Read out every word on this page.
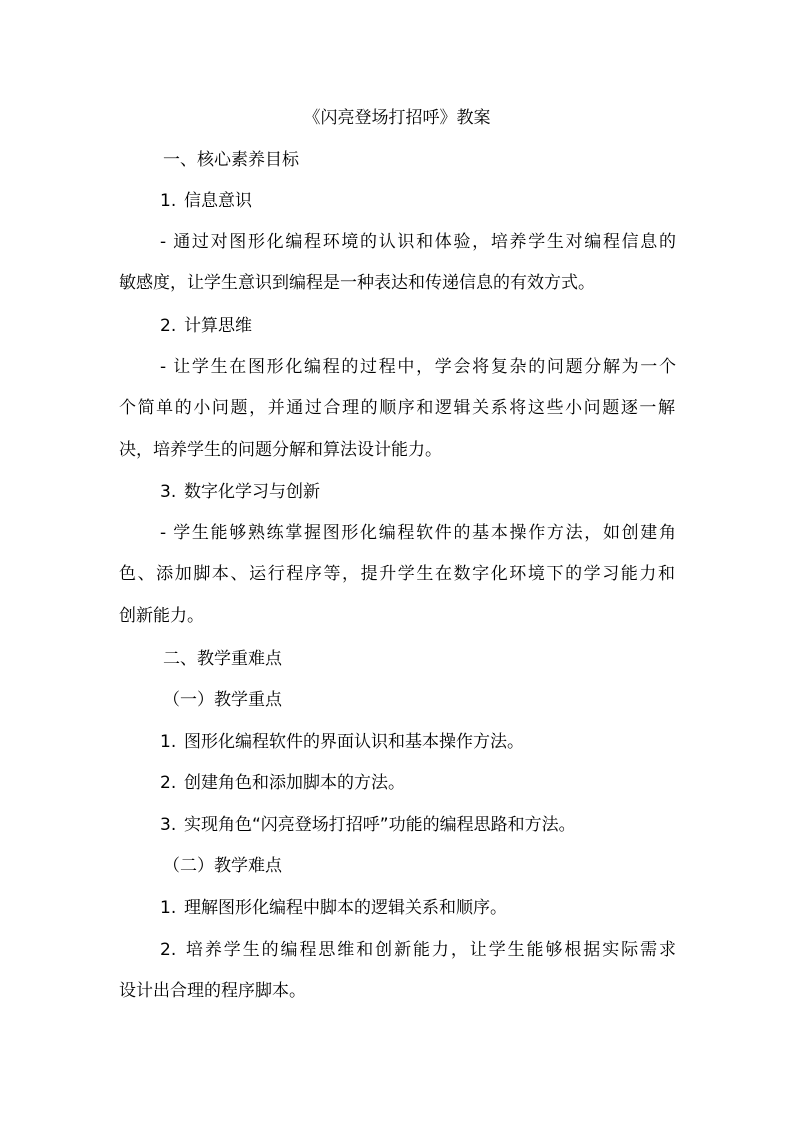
《闪亮登场打招呼》教案

一、核心素养目标

1. 信息意识

- 通过对图形化编程环境的认识和体验，培养学生对编程信息的

敏感度，让学生意识到编程是一种表达和传递信息的有效方式。

2. 计算思维

- 让学生在图形化编程的过程中，学会将复杂的问题分解为一个

个简单的小问题，并通过合理的顺序和逻辑关系将这些小问题逐一解

决，培养学生的问题分解和算法设计能力。

3. 数字化学习与创新

- 学生能够熟练掌握图形化编程软件的基本操作方法，如创建角

色、添加脚本、运行程序等，提升学生在数字化环境下的学习能力和

创新能力。

二、教学重难点

（一）教学重点

1. 图形化编程软件的界面认识和基本操作方法。

2. 创建角色和添加脚本的方法。

3. 实现角色“闪亮登场打招呼”功能的编程思路和方法。

（二）教学难点

1. 理解图形化编程中脚本的逻辑关系和顺序。

2. 培养学生的编程思维和创新能力，让学生能够根据实际需求

设计出合理的程序脚本。
